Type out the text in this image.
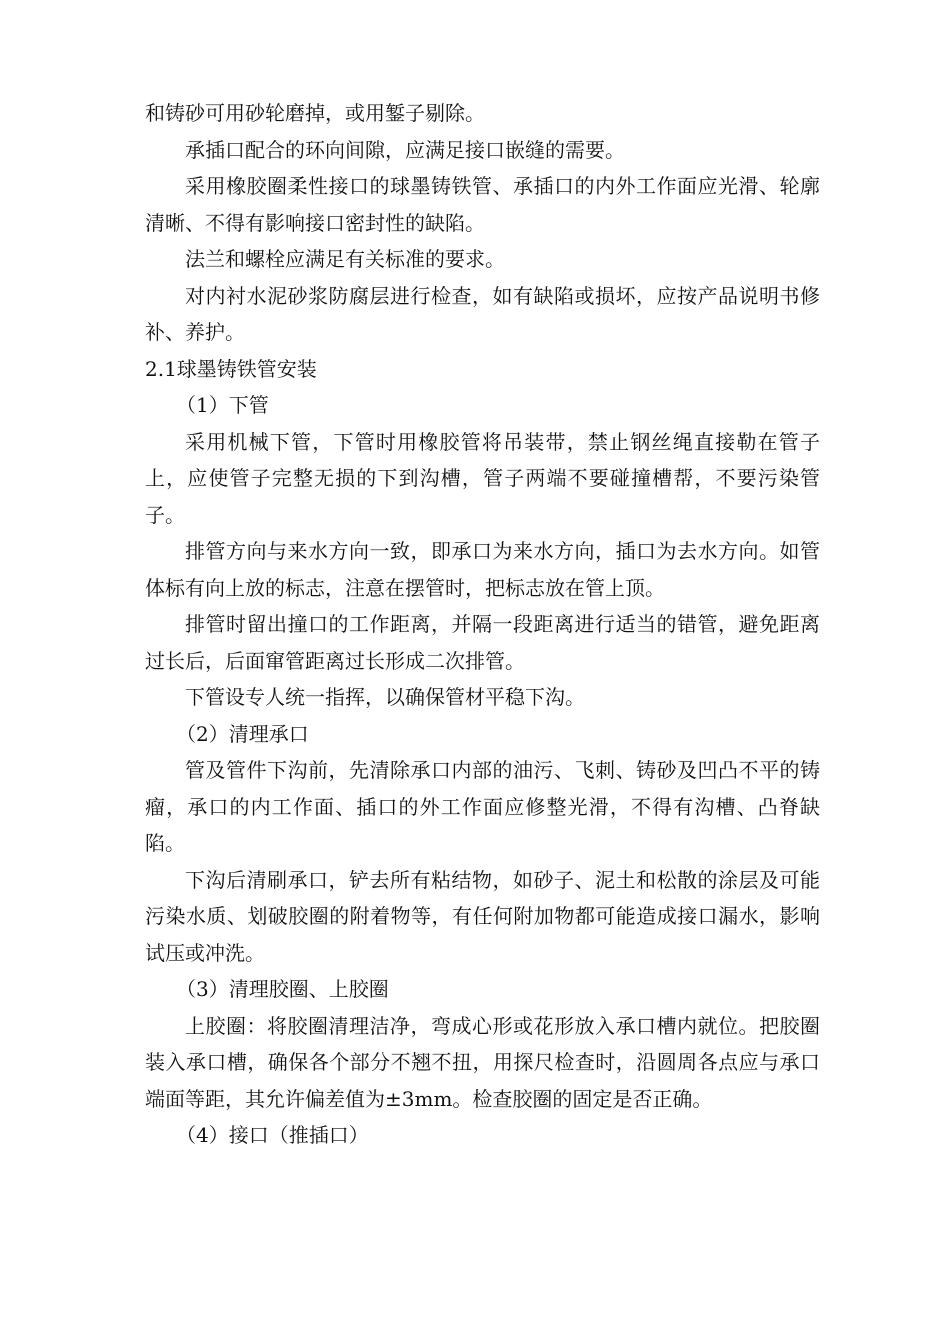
和铸砂可用砂轮磨掉，或用錾子剔除。

承插口配合的环向间隙，应满足接口嵌缝的需要。

采用橡胶圈柔性接口的球墨铸铁管、承插口的内外工作面应光滑、轮廓清晰、不得有影响接口密封性的缺陷。

法兰和螺栓应满足有关标准的要求。

对内衬水泥砂浆防腐层进行检查，如有缺陷或损坏，应按产品说明书修补、养护。

2.1球墨铸铁管安装

（1）下管

采用机械下管，下管时用橡胶管将吊装带，禁止钢丝绳直接勒在管子上，应使管子完整无损的下到沟槽，管子两端不要碰撞槽帮，不要污染管子。

排管方向与来水方向一致，即承口为来水方向，插口为去水方向。如管体标有向上放的标志，注意在摆管时，把标志放在管上顶。

排管时留出撞口的工作距离，并隔一段距离进行适当的错管，避免距离过长后，后面窜管距离过长形成二次排管。

下管设专人统一指挥，以确保管材平稳下沟。

（2）清理承口

管及管件下沟前，先清除承口内部的油污、飞刺、铸砂及凹凸不平的铸瘤，承口的内工作面、插口的外工作面应修整光滑，不得有沟槽、凸脊缺陷。

下沟后清刷承口，铲去所有粘结物，如砂子、泥土和松散的涂层及可能污染水质、划破胶圈的附着物等，有任何附加物都可能造成接口漏水，影响试压或冲洗。

（3）清理胶圈、上胶圈

上胶圈：将胶圈清理洁净，弯成心形或花形放入承口槽内就位。把胶圈装入承口槽，确保各个部分不翘不扭，用探尺检查时，沿圆周各点应与承口端面等距，其允许偏差值为±3mm。检查胶圈的固定是否正确。

（4）接口（推插口）
